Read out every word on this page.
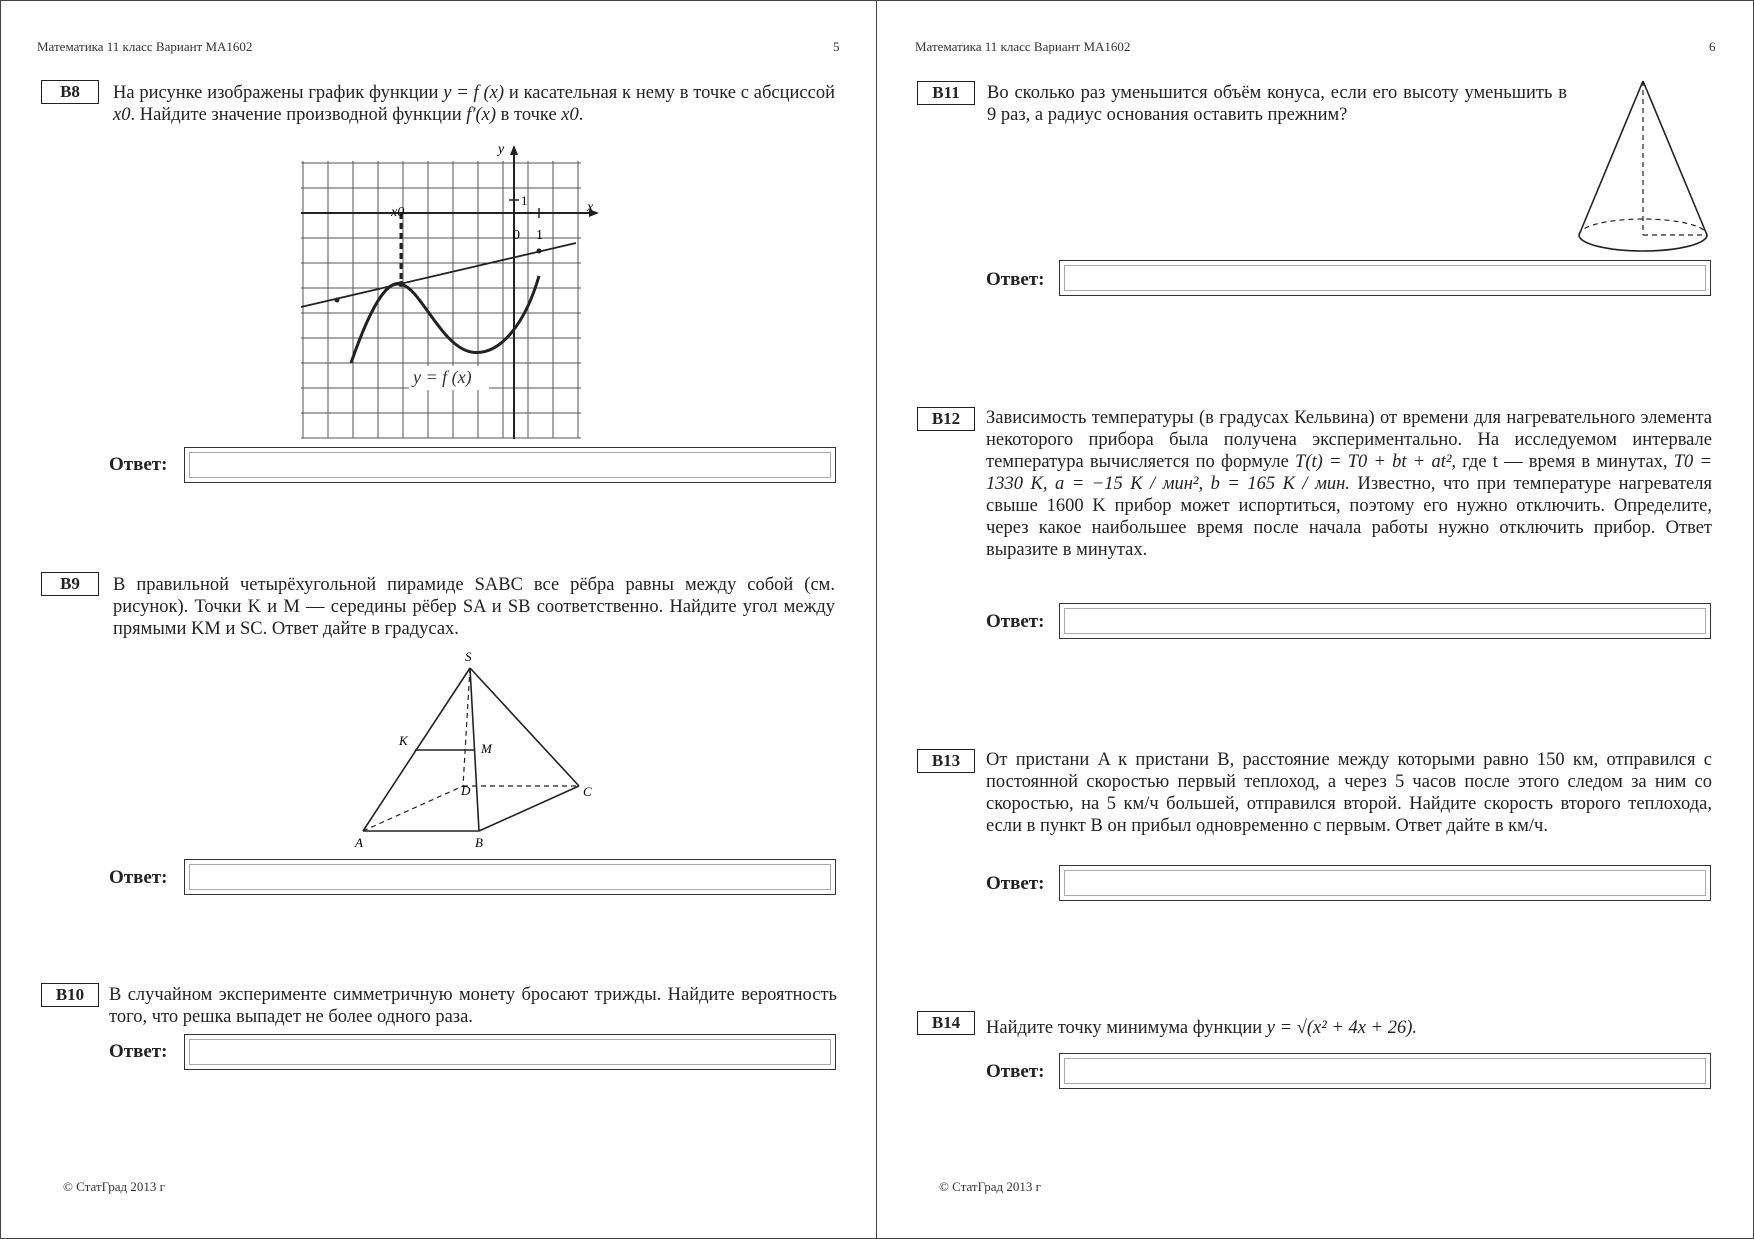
Математика 11 класс Вариант МА1602	5
B8	На рисунке изображены график функции y = f (x) и касательная к нему в точке с абсциссой x0. Найдите значение производной функции f′(x) в точке x0.
x
y
1
1
0
x0
y = f (x)
Ответ:
B9	В правильной четырёхугольной пирамиде SABC все рёбра равны между собой (см. рисунок). Точки K и M — середины рёбер SA и SB соответственно. Найдите угол между прямыми KM и SC. Ответ дайте в градусах.
S
K
M
A	B
C
D
Ответ:
B10	В случайном эксперименте симметричную монету бросают трижды. Найдите вероятность того, что решка выпадет не более одного раза.
Ответ:
© СтатГрад 2013 г
Математика 11 класс Вариант МА1602	6
B11	Во сколько раз уменьшится объём конуса, если его высоту уменьшить в 9 раз, а радиус основания оставить прежним?
Ответ:
B12	Зависимость температуры (в градусах Кельвина) от времени для нагревательного элемента некоторого прибора была получена экспериментально. На исследуемом интервале температура вычисляется по формуле T(t) = T0 + bt + at², где t — время в минутах, T0 = 1330 K, a = −15 K / мин², b = 165 K / мин. Известно, что при температуре нагревателя свыше 1600 K прибор может испортиться, поэтому его нужно отключить. Определите, через какое наибольшее время после начала работы нужно отключить прибор. Ответ выразите в минутах.
Ответ:
B13	От пристани A к пристани B, расстояние между которыми равно 150 км, отправился с постоянной скоростью первый теплоход, а через 5 часов после этого следом за ним со скоростью, на 5 км/ч большей, отправился второй. Найдите скорость второго теплохода, если в пункт B он прибыл одновременно с первым. Ответ дайте в км/ч.
Ответ:
B14	Найдите точку минимума функции y = √(x² + 4x + 26).
Ответ:
© СтатГрад 2013 г
